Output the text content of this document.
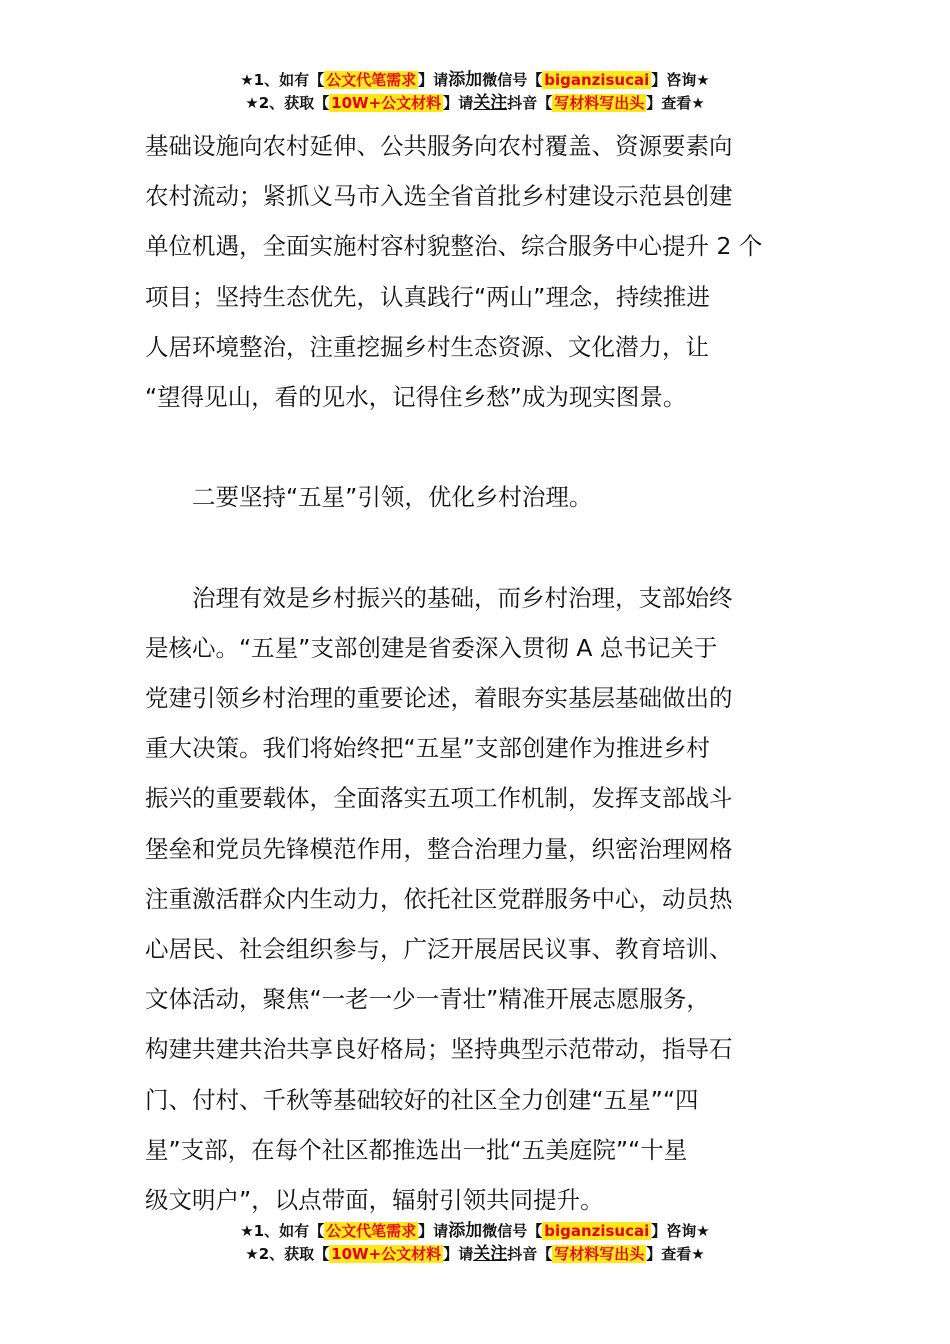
★1、如有【 公文代笔需求 】请添加微信号【 biganzisucai 】咨询★
★2、获取【 10W+公文材料 】请关注抖音【 写材料写出头 】查看★
基础设施向农村延伸、公共服务向农村覆盖、资源要素向
农村流动；紧抓义马市入选全省首批乡村建设示范县创建
单位机遇，全面实施村容村貌整治、综合服务中心提升 2 个
项目；坚持生态优先，认真践行“两山”理念，持续推进
人居环境整治，注重挖掘乡村生态资源、文化潜力，让
“望得见山，看的见水，记得住乡愁”成为现实图景。
　　二要坚持“五星”引领，优化乡村治理。
　　治理有效是乡村振兴的基础，而乡村治理，支部始终
是核心。“五星”支部创建是省委深入贯彻 A 总书记关于
党建引领乡村治理的重要论述，着眼夯实基层基础做出的
重大决策。我们将始终把“五星”支部创建作为推进乡村
振兴的重要载体，全面落实五项工作机制，发挥支部战斗
堡垒和党员先锋模范作用，整合治理力量，织密治理网格
注重激活群众内生动力，依托社区党群服务中心，动员热
心居民、社会组织参与，广泛开展居民议事、教育培训、
文体活动，聚焦“一老一少一青壮”精准开展志愿服务，
构建共建共治共享良好格局；坚持典型示范带动，指导石
门、付村、千秋等基础较好的社区全力创建“五星”“四
星”支部，在每个社区都推选出一批“五美庭院”“十星
级文明户”，以点带面，辐射引领共同提升。
★1、如有【 公文代笔需求 】请添加微信号【 biganzisucai 】咨询★
★2、获取【 10W+公文材料 】请关注抖音【 写材料写出头 】查看★
